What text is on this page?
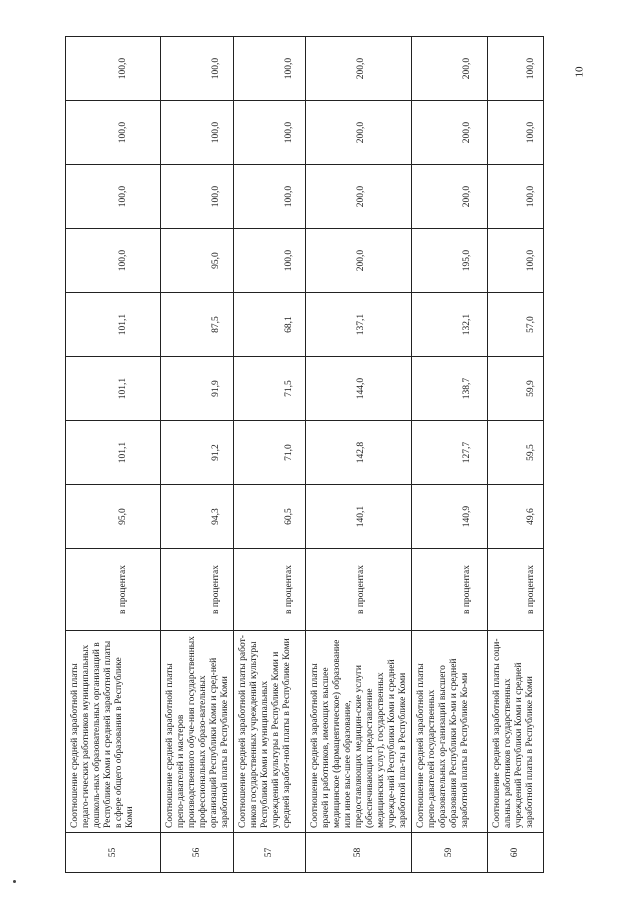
10
55	Соотношение средней заработной платы педаго-гических работников муниципальных дошколь-ных образовательных организаций в Республике Коми и средней заработной платы в сфере общего образования в Республике Коми	в процентах	95,0	101,1	101,1	101,1	100,0	100,0	100,0	100,0
56	Соотношение средней заработной платы препо-давателей и мастеров производственного обуче-ния государственных профессиональных образо-вательных организаций Республики Коми и сред-ней заработной платы в Республике Коми	в процентах	94,3	91,2	91,9	87,5	95,0	100,0	100,0	100,0
57	Соотношение средней заработной платы работ-ников государственных учреждений культуры Республики Коми и муниципальных учреждений культуры в Республике Коми и средней заработ-ной платы в Республике Коми	в процентах	60,5	71,0	71,5	68,1	100,0	100,0	100,0	100,0
58	Соотношение средней заработной платы врачей и работников, имеющих высшее медицинское (фармацевтическое) образование или иное выс-шее образование, предоставляющих медицин-ские услуги (обеспечивающих предоставление медицинских услуг), государственных учрежде-ний Республики Коми и средней заработной пла-ты в Республике Коми	в процентах	140,1	142,8	144,0	137,1	200,0	200,0	200,0	200,0
59	Соотношение средней заработной платы препо-давателей государственных образовательных ор-ганизаций высшего образования Республики Ко-ми и средней заработной платы в Республике Ко-ми	в процентах	140,9	127,7	138,7	132,1	195,0	200,0	200,0	200,0
60	Соотношение средней заработной платы соци-альных работников государственных учреждений Республики Коми и средней заработной платы в Республике Коми	в процентах	49,6	59,5	59,9	57,0	100,0	100,0	100,0	100,0
